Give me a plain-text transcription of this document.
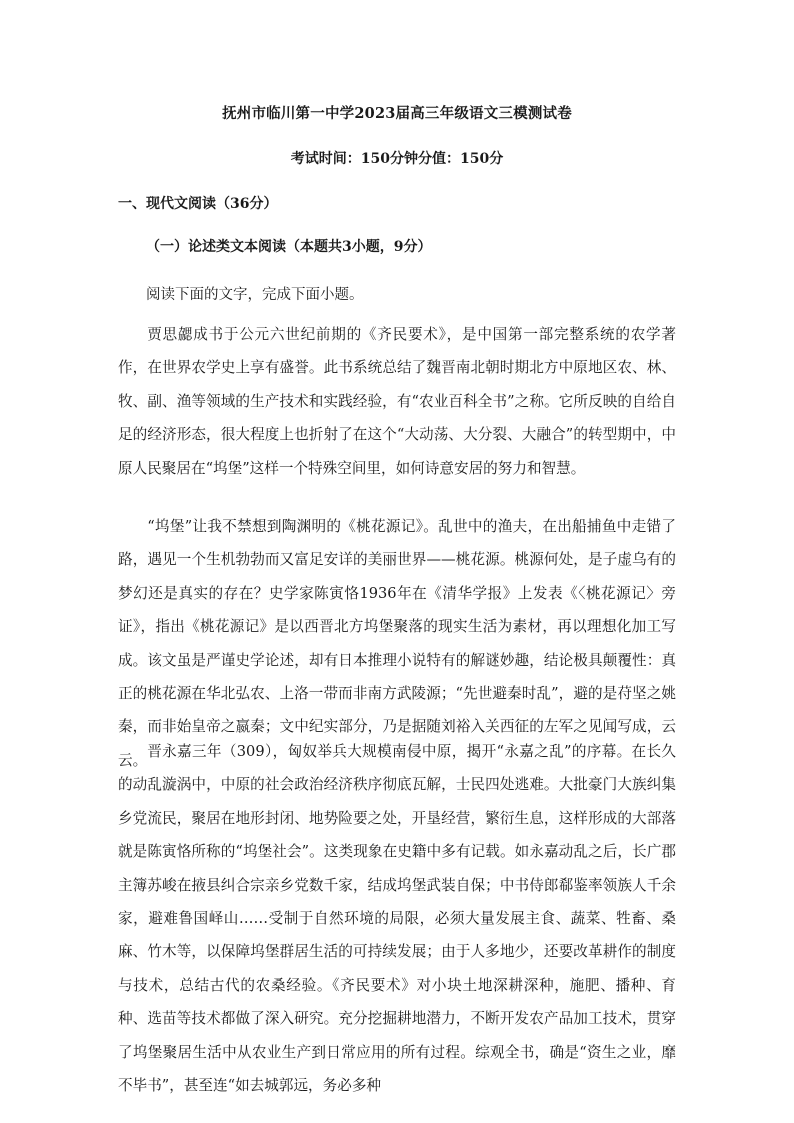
抚州市临川第一中学2023届高三年级语文三模测试卷
考试时间：150分钟分值：150分
一、现代文阅读（36分）
（一）论述类文本阅读（本题共3小题，9分）
阅读下面的文字，完成下面小题。

贾思勰成书于公元六世纪前期的《齐民要术》，是中国第一部完整系统的农学著作，在世界农学史上享有盛誉。此书系统总结了魏晋南北朝时期北方中原地区农、林、牧、副、渔等领域的生产技术和实践经验，有“农业百科全书”之称。它所反映的自给自足的经济形态，很大程度上也折射了在这个“大动荡、大分裂、大融合”的转型期中，中原人民聚居在“坞堡”这样一个特殊空间里，如何诗意安居的努力和智慧。

“坞堡”让我不禁想到陶渊明的《桃花源记》。乱世中的渔夫，在出船捕鱼中走错了路，遇见一个生机勃勃而又富足安详的美丽世界——桃花源。桃源何处，是子虚乌有的梦幻还是真实的存在？史学家陈寅恪1936年在《清华学报》上发表《〈桃花源记〉旁证》，指出《桃花源记》是以西晋北方坞堡聚落的现实生活为素材，再以理想化加工写成。该文虽是严谨史学论述，却有日本推理小说特有的解谜妙趣，结论极具颠覆性：真正的桃花源在华北弘农、上洛一带而非南方武陵源；“先世避秦时乱”，避的是苻坚之姚秦，而非始皇帝之嬴秦；文中纪实部分，乃是据随刘裕入关西征的左军之见闻写成，云云。

晋永嘉三年（309），匈奴举兵大规模南侵中原，揭开“永嘉之乱”的序幕。在长久的动乱漩涡中，中原的社会政治经济秩序彻底瓦解，士民四处逃难。大批豪门大族纠集乡党流民，聚居在地形封闭、地势险要之处，开垦经营，繁衍生息，这样形成的大部落就是陈寅恪所称的“坞堡社会”。这类现象在史籍中多有记载。如永嘉动乱之后，长广郡主簿苏峻在掖县纠合宗亲乡党数千家，结成坞堡武装自保；中书侍郎郗鉴率领族人千余家，避难鲁国峄山……受制于自然环境的局限，必须大量发展主食、蔬菜、牲畜、桑麻、竹木等，以保障坞堡群居生活的可持续发展；由于人多地少，还要改革耕作的制度与技术，总结古代的农桑经验。《齐民要术》对小块土地深耕深种，施肥、播种、育种、选苗等技术都做了深入研究。充分挖掘耕地潜力，不断开发农产品加工技术，贯穿了坞堡聚居生活中从农业生产到日常应用的所有过程。综观全书，确是“资生之业，靡不毕书”，甚至连“如去城郭远，务必多种
